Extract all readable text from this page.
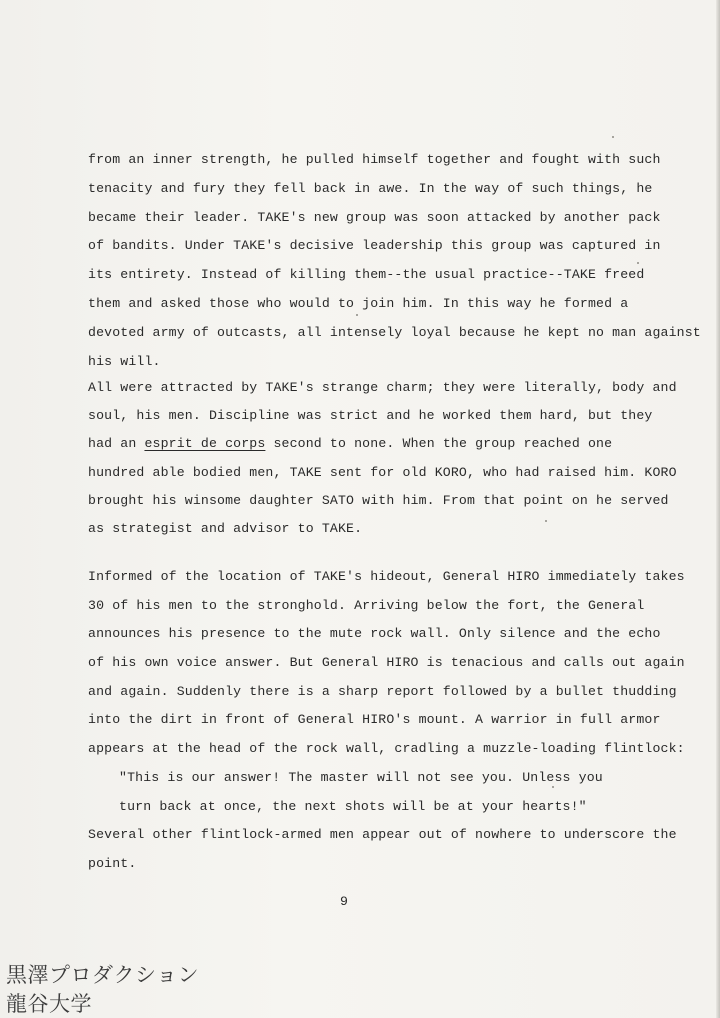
from an inner strength, he pulled himself together and fought with such
tenacity and fury they fell back in awe. In the way of such things, he
became their leader. TAKE's new group was soon attacked by another pack
of bandits. Under TAKE's decisive leadership this group was captured in
its entirety. Instead of killing them--the usual practice--TAKE freed
them and asked those who would to join him. In this way he formed a
devoted army of outcasts, all intensely loyal because he kept no man against
his will.
All were attracted by TAKE's strange charm; they were literally, body and
soul, his men. Discipline was strict and he worked them hard, but they
had an esprit de corps second to none. When the group reached one
hundred able bodied men, TAKE sent for old KORO, who had raised him. KORO
brought his winsome daughter SATO with him. From that point on he served
as strategist and advisor to TAKE.
Informed of the location of TAKE's hideout, General HIRO immediately takes
30 of his men to the stronghold. Arriving below the fort, the General
announces his presence to the mute rock wall. Only silence and the echo
of his own voice answer. But General HIRO is tenacious and calls out again
and again. Suddenly there is a sharp report followed by a bullet thudding
into the dirt in front of General HIRO's mount. A warrior in full armor
appears at the head of the rock wall, cradling a muzzle-loading flintlock:
"This is our answer! The master will not see you. Unless you
turn back at once, the next shots will be at your hearts!"
Several other flintlock-armed men appear out of nowhere to underscore the
point.
9
黒澤プロダクション
龍谷大学
